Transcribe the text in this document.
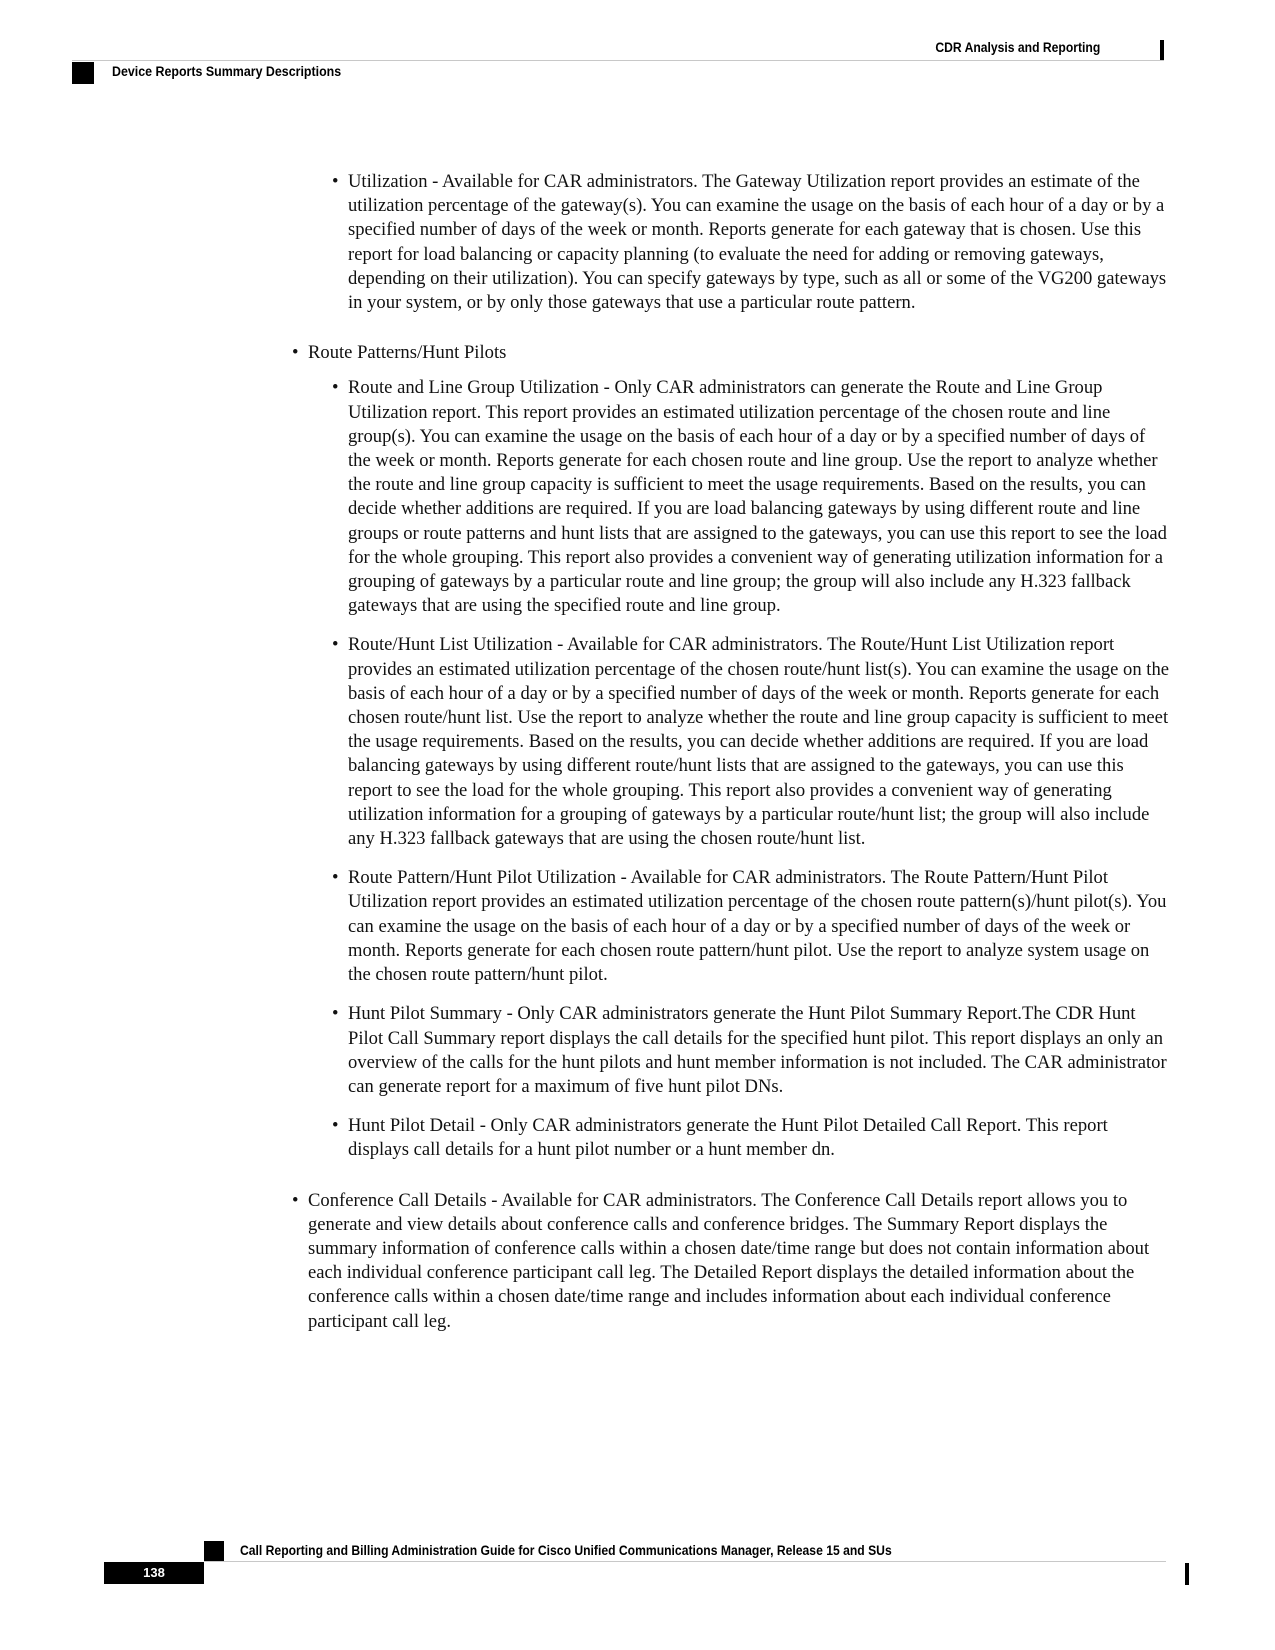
CDR Analysis and Reporting
Device Reports Summary Descriptions
• Utilization - Available for CAR administrators. The Gateway Utilization report provides an estimate of the utilization percentage of the gateway(s). You can examine the usage on the basis of each hour of a day or by a specified number of days of the week or month. Reports generate for each gateway that is chosen. Use this report for load balancing or capacity planning (to evaluate the need for adding or removing gateways, depending on their utilization). You can specify gateways by type, such as all or some of the VG200 gateways in your system, or by only those gateways that use a particular route pattern.
• Route Patterns/Hunt Pilots
• Route and Line Group Utilization - Only CAR administrators can generate the Route and Line Group Utilization report. This report provides an estimated utilization percentage of the chosen route and line group(s). You can examine the usage on the basis of each hour of a day or by a specified number of days of the week or month. Reports generate for each chosen route and line group. Use the report to analyze whether the route and line group capacity is sufficient to meet the usage requirements. Based on the results, you can decide whether additions are required. If you are load balancing gateways by using different route and line groups or route patterns and hunt lists that are assigned to the gateways, you can use this report to see the load for the whole grouping. This report also provides a convenient way of generating utilization information for a grouping of gateways by a particular route and line group; the group will also include any H.323 fallback gateways that are using the specified route and line group.
• Route/Hunt List Utilization - Available for CAR administrators. The Route/Hunt List Utilization report provides an estimated utilization percentage of the chosen route/hunt list(s). You can examine the usage on the basis of each hour of a day or by a specified number of days of the week or month. Reports generate for each chosen route/hunt list. Use the report to analyze whether the route and line group capacity is sufficient to meet the usage requirements. Based on the results, you can decide whether additions are required. If you are load balancing gateways by using different route/hunt lists that are assigned to the gateways, you can use this report to see the load for the whole grouping. This report also provides a convenient way of generating utilization information for a grouping of gateways by a particular route/hunt list; the group will also include any H.323 fallback gateways that are using the chosen route/hunt list.
• Route Pattern/Hunt Pilot Utilization - Available for CAR administrators. The Route Pattern/Hunt Pilot Utilization report provides an estimated utilization percentage of the chosen route pattern(s)/hunt pilot(s). You can examine the usage on the basis of each hour of a day or by a specified number of days of the week or month. Reports generate for each chosen route pattern/hunt pilot. Use the report to analyze system usage on the chosen route pattern/hunt pilot.
• Hunt Pilot Summary - Only CAR administrators generate the Hunt Pilot Summary Report.The CDR Hunt Pilot Call Summary report displays the call details for the specified hunt pilot. This report displays an only an overview of the calls for the hunt pilots and hunt member information is not included. The CAR administrator can generate report for a maximum of five hunt pilot DNs.
• Hunt Pilot Detail - Only CAR administrators generate the Hunt Pilot Detailed Call Report. This report displays call details for a hunt pilot number or a hunt member dn.
• Conference Call Details - Available for CAR administrators. The Conference Call Details report allows you to generate and view details about conference calls and conference bridges. The Summary Report displays the summary information of conference calls within a chosen date/time range but does not contain information about each individual conference participant call leg. The Detailed Report displays the detailed information about the conference calls within a chosen date/time range and includes information about each individual conference participant call leg.
Call Reporting and Billing Administration Guide for Cisco Unified Communications Manager, Release 15 and SUs
138
